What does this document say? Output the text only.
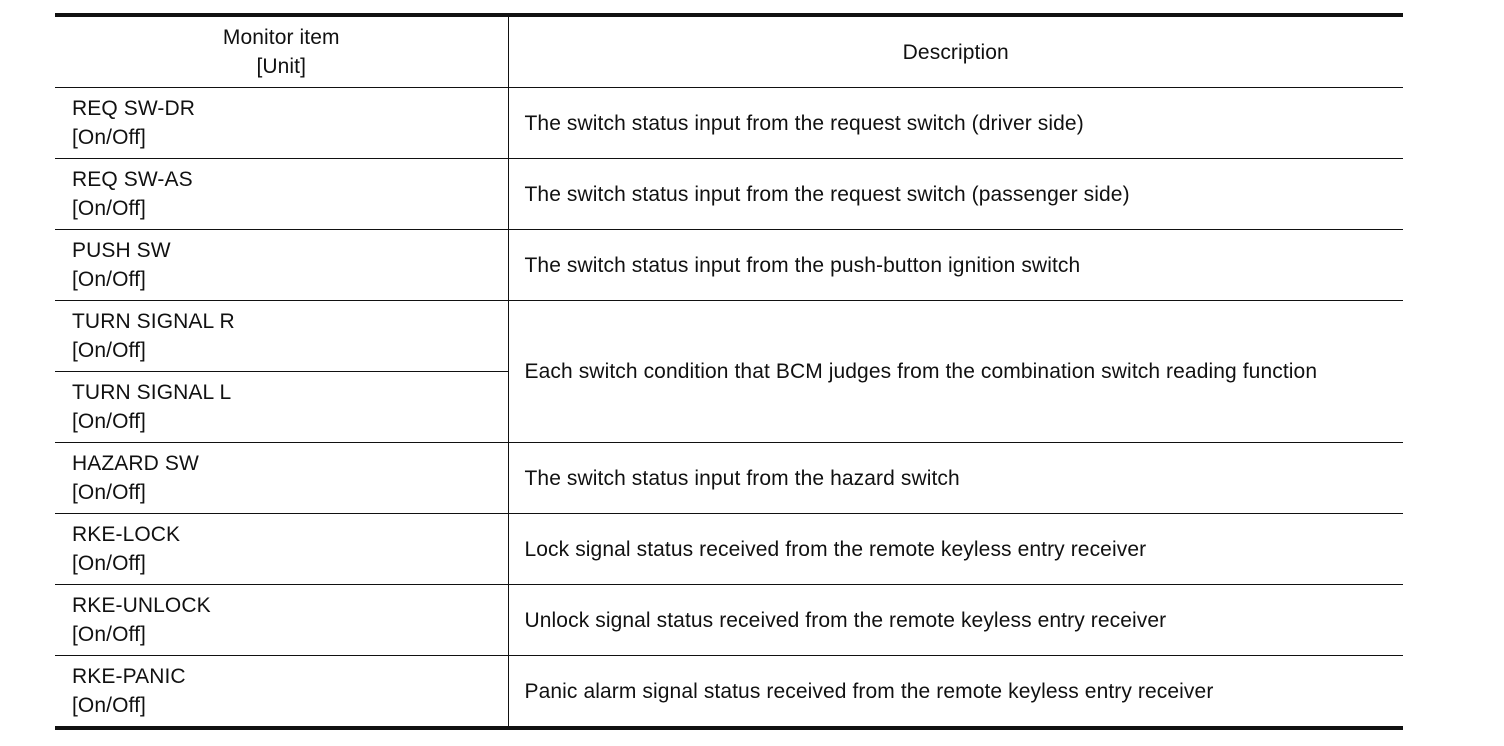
Monitor item
[Unit]	Description

REQ SW-DR
[On/Off]	The switch status input from the request switch (driver side)

REQ SW-AS
[On/Off]	The switch status input from the request switch (passenger side)

PUSH SW
[On/Off]	The switch status input from the push-button ignition switch

TURN SIGNAL R
[On/Off]	Each switch condition that BCM judges from the combination switch reading function

TURN SIGNAL L
[On/Off]	

HAZARD SW
[On/Off]	The switch status input from the hazard switch

RKE-LOCK
[On/Off]	Lock signal status received from the remote keyless entry receiver

RKE-UNLOCK
[On/Off]	Unlock signal status received from the remote keyless entry receiver

RKE-PANIC
[On/Off]	Panic alarm signal status received from the remote keyless entry receiver
